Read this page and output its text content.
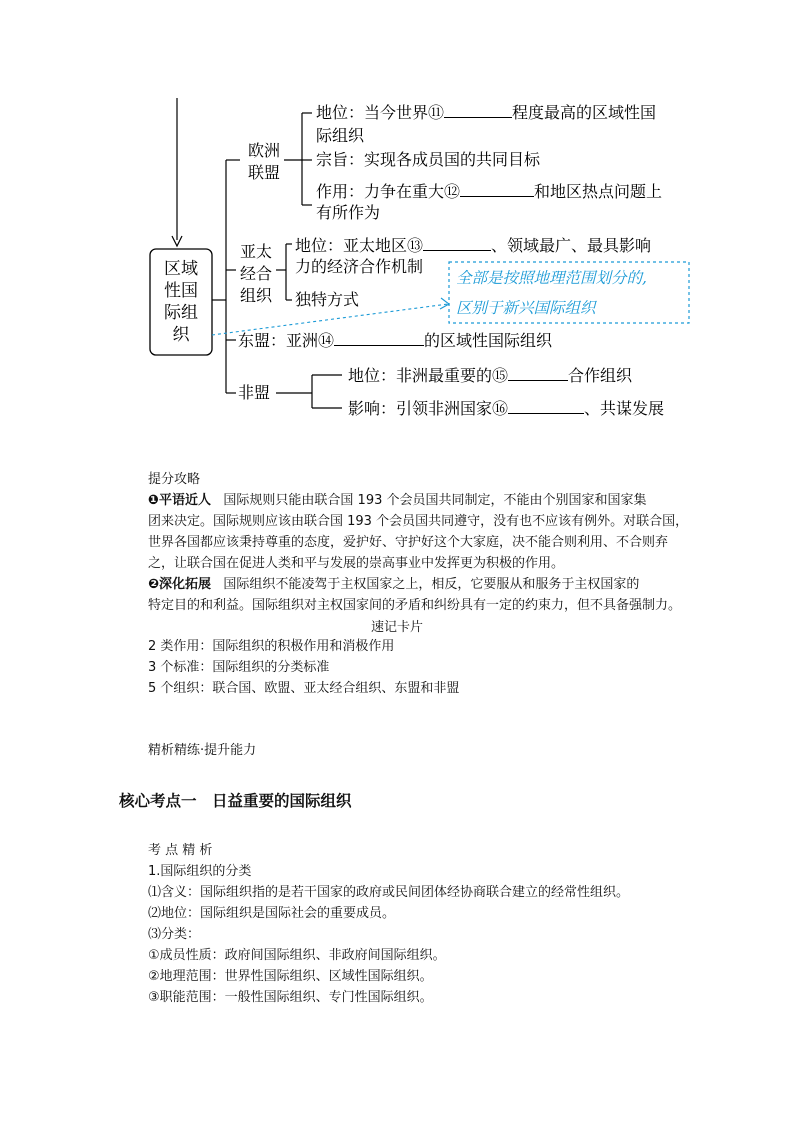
区域
性国
际组
织
欧洲
联盟
地位：当今世界⑪	程度最高的区域性国
际组织
宗旨：实现各成员国的共同目标
作用：力争在重大⑫	和地区热点问题上
有所作为
亚太
经合
组织
地位：亚太地区⑬	、领域最广、最具影响
力的经济合作机制
独特方式
全部是按照地理范围划分的,
区别于新兴国际组织
东盟：亚洲⑭	的区域性国际组织
非盟
地位：非洲最重要的⑮	合作组织
影响：引领非洲国家⑯	、共谋发展
提分攻略
❶平语近人 国际规则只能由联合国 193 个会员国共同制定，不能由个别国家和国家集
团来决定。国际规则应该由联合国 193 个会员国共同遵守，没有也不应该有例外。对联合国，
世界各国都应该秉持尊重的态度，爱护好、守护好这个大家庭，决不能合则利用、不合则弃
之，让联合国在促进人类和平与发展的崇高事业中发挥更为积极的作用。
❷深化拓展 国际组织不能凌驾于主权国家之上，相反，它要服从和服务于主权国家的
特定目的和利益。国际组织对主权国家间的矛盾和纠纷具有一定的约束力，但不具备强制力。
速记卡片
2 类作用：国际组织的积极作用和消极作用
3 个标准：国际组织的分类标准
5 个组织：联合国、欧盟、亚太经合组织、东盟和非盟
精析精练·提升能力
核心考点一　日益重要的国际组织
考 点 精 析
1.国际组织的分类
⑴含义：国际组织指的是若干国家的政府或民间团体经协商联合建立的经常性组织。
⑵地位：国际组织是国际社会的重要成员。
⑶分类：
①成员性质：政府间国际组织、非政府间国际组织。
②地理范围：世界性国际组织、区域性国际组织。
③职能范围：一般性国际组织、专门性国际组织。
